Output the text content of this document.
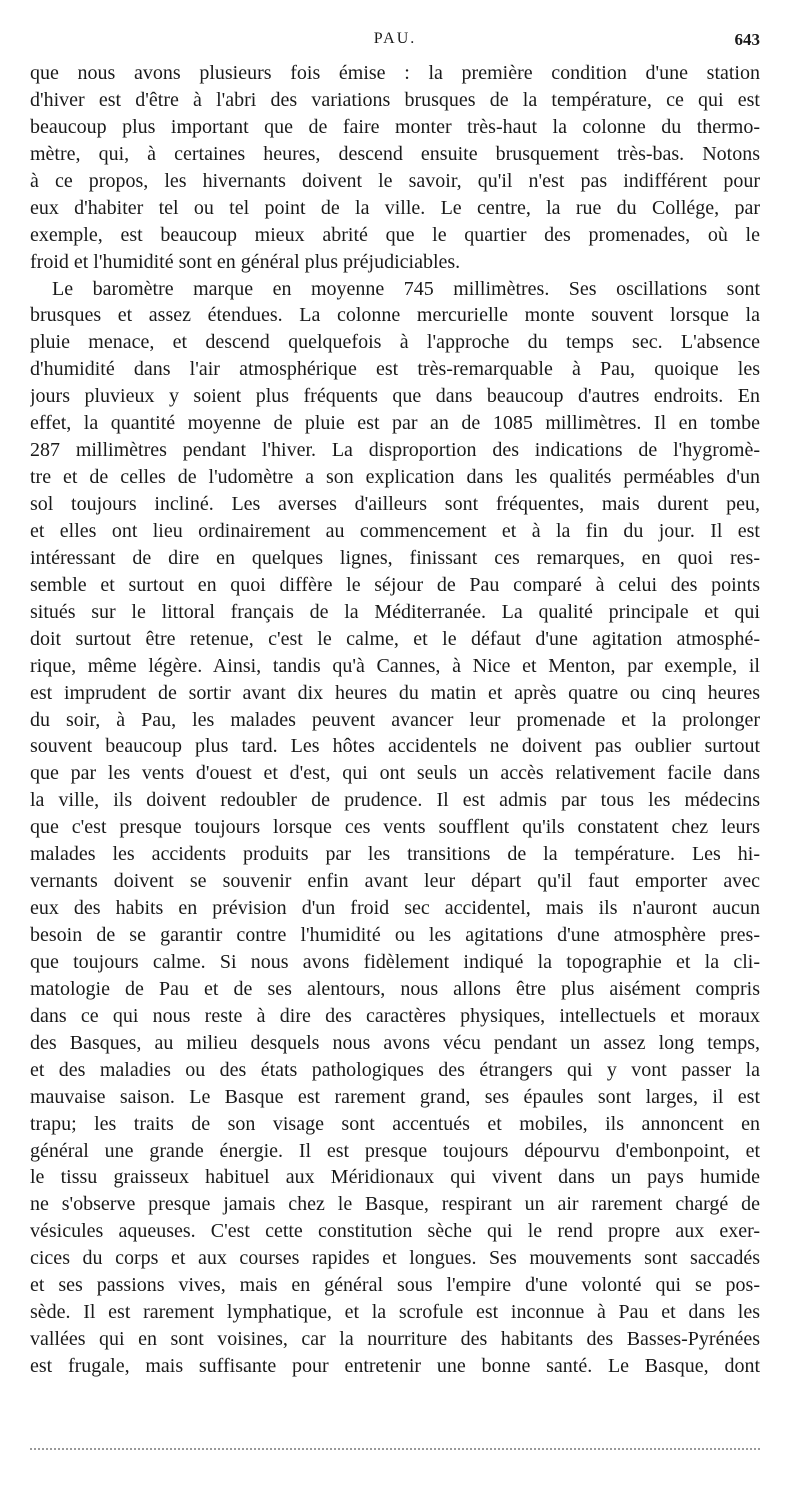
PAU.	643
que nous avons plusieurs fois émise : la première condition d'une station
d'hiver est d'être à l'abri des variations brusques de la température, ce qui est
beaucoup plus important que de faire monter très-haut la colonne du thermo-
mètre, qui, à certaines heures, descend ensuite brusquement très-bas. Notons
à ce propos, les hivernants doivent le savoir, qu'il n'est pas indifférent pour
eux d'habiter tel ou tel point de la ville. Le centre, la rue du Collége, par
exemple, est beaucoup mieux abrité que le quartier des promenades, où le
froid et l'humidité sont en général plus préjudiciables.
Le baromètre marque en moyenne 745 millimètres. Ses oscillations sont
brusques et assez étendues. La colonne mercurielle monte souvent lorsque la
pluie menace, et descend quelquefois à l'approche du temps sec. L'absence
d'humidité dans l'air atmosphérique est très-remarquable à Pau, quoique les
jours pluvieux y soient plus fréquents que dans beaucoup d'autres endroits. En
effet, la quantité moyenne de pluie est par an de 1085 millimètres. Il en tombe
287 millimètres pendant l'hiver. La disproportion des indications de l'hygromè-
tre et de celles de l'udomètre a son explication dans les qualités perméables d'un
sol toujours incliné. Les averses d'ailleurs sont fréquentes, mais durent peu,
et elles ont lieu ordinairement au commencement et à la fin du jour. Il est
intéressant de dire en quelques lignes, finissant ces remarques, en quoi res-
semble et surtout en quoi diffère le séjour de Pau comparé à celui des points
situés sur le littoral français de la Méditerranée. La qualité principale et qui
doit surtout être retenue, c'est le calme, et le défaut d'une agitation atmosphé-
rique, même légère. Ainsi, tandis qu'à Cannes, à Nice et Menton, par exemple, il
est imprudent de sortir avant dix heures du matin et après quatre ou cinq heures
du soir, à Pau, les malades peuvent avancer leur promenade et la prolonger
souvent beaucoup plus tard. Les hôtes accidentels ne doivent pas oublier surtout
que par les vents d'ouest et d'est, qui ont seuls un accès relativement facile dans
la ville, ils doivent redoubler de prudence. Il est admis par tous les médecins
que c'est presque toujours lorsque ces vents soufflent qu'ils constatent chez leurs
malades les accidents produits par les transitions de la température. Les hi-
vernants doivent se souvenir enfin avant leur départ qu'il faut emporter avec
eux des habits en prévision d'un froid sec accidentel, mais ils n'auront aucun
besoin de se garantir contre l'humidité ou les agitations d'une atmosphère pres-
que toujours calme. Si nous avons fidèlement indiqué la topographie et la cli-
matologie de Pau et de ses alentours, nous allons être plus aisément compris
dans ce qui nous reste à dire des caractères physiques, intellectuels et moraux
des Basques, au milieu desquels nous avons vécu pendant un assez long temps,
et des maladies ou des états pathologiques des étrangers qui y vont passer la
mauvaise saison. Le Basque est rarement grand, ses épaules sont larges, il est
trapu; les traits de son visage sont accentués et mobiles, ils annoncent en
général une grande énergie. Il est presque toujours dépourvu d'embonpoint, et
le tissu graisseux habituel aux Méridionaux qui vivent dans un pays humide
ne s'observe presque jamais chez le Basque, respirant un air rarement chargé de
vésicules aqueuses. C'est cette constitution sèche qui le rend propre aux exer-
cices du corps et aux courses rapides et longues. Ses mouvements sont saccadés
et ses passions vives, mais en général sous l'empire d'une volonté qui se pos-
sède. Il est rarement lymphatique, et la scrofule est inconnue à Pau et dans les
vallées qui en sont voisines, car la nourriture des habitants des Basses-Pyrénées
est frugale, mais suffisante pour entretenir une bonne santé. Le Basque, dont
